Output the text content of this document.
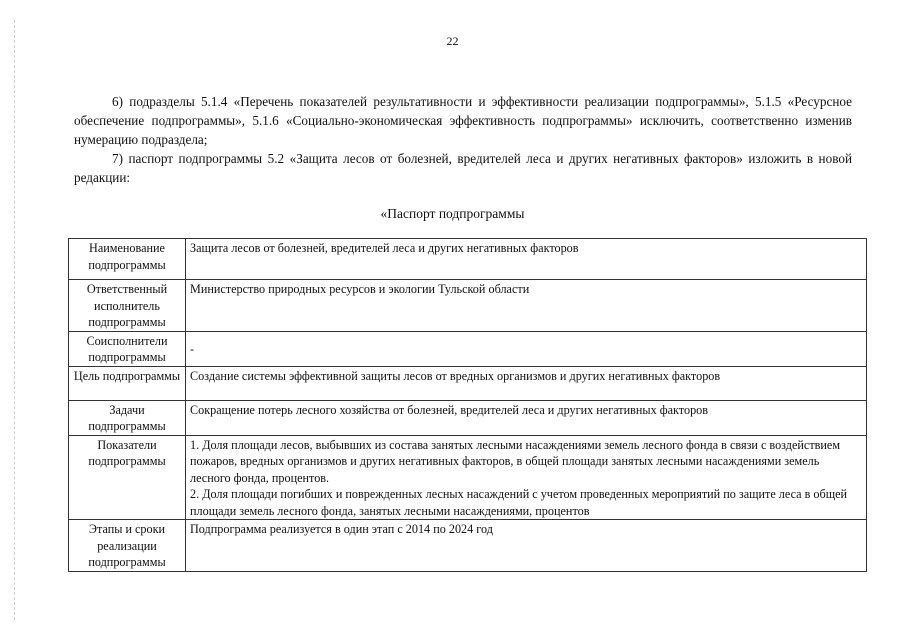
22

6) подразделы 5.1.4 «Перечень показателей результативности и эффективности реализации подпрограммы», 5.1.5 «Ресурсное обеспечение подпрограммы», 5.1.6 «Социально-экономическая эффективность подпрограммы» исключить, соответственно изменив нумерацию подраздела;

7) паспорт подпрограммы 5.2 «Защита лесов от болезней, вредителей леса и других негативных факторов» изложить в новой редакции:

«Паспорт подпрограммы
Наименование подпрограммы	Защита лесов от болезней, вредителей леса и других негативных факторов
Ответственный исполнитель подпрограммы	Министерство природных ресурсов и экологии Тульской области
Соисполнители подпрограммы	-
Цель подпрограммы	Создание системы эффективной защиты лесов от вредных организмов и других негативных факторов
Задачи подпрограммы	Сокращение потерь лесного хозяйства от болезней, вредителей леса и других негативных факторов
Показатели подпрограммы	1. Доля площади лесов, выбывших из состава занятых лесными насаждениями земель лесного фонда в связи с воздействием пожаров, вредных организмов и других негативных факторов, в общей площади занятых лесными насаждениями земель лесного фонда, процентов.
2. Доля площади погибших и поврежденных лесных насаждений с учетом проведенных мероприятий по защите леса в общей площади земель лесного фонда, занятых лесными насаждениями, процентов

Этапы и сроки реализации подпрограммы	Подпрограмма реализуется в один этап с 2014 по 2024 год
